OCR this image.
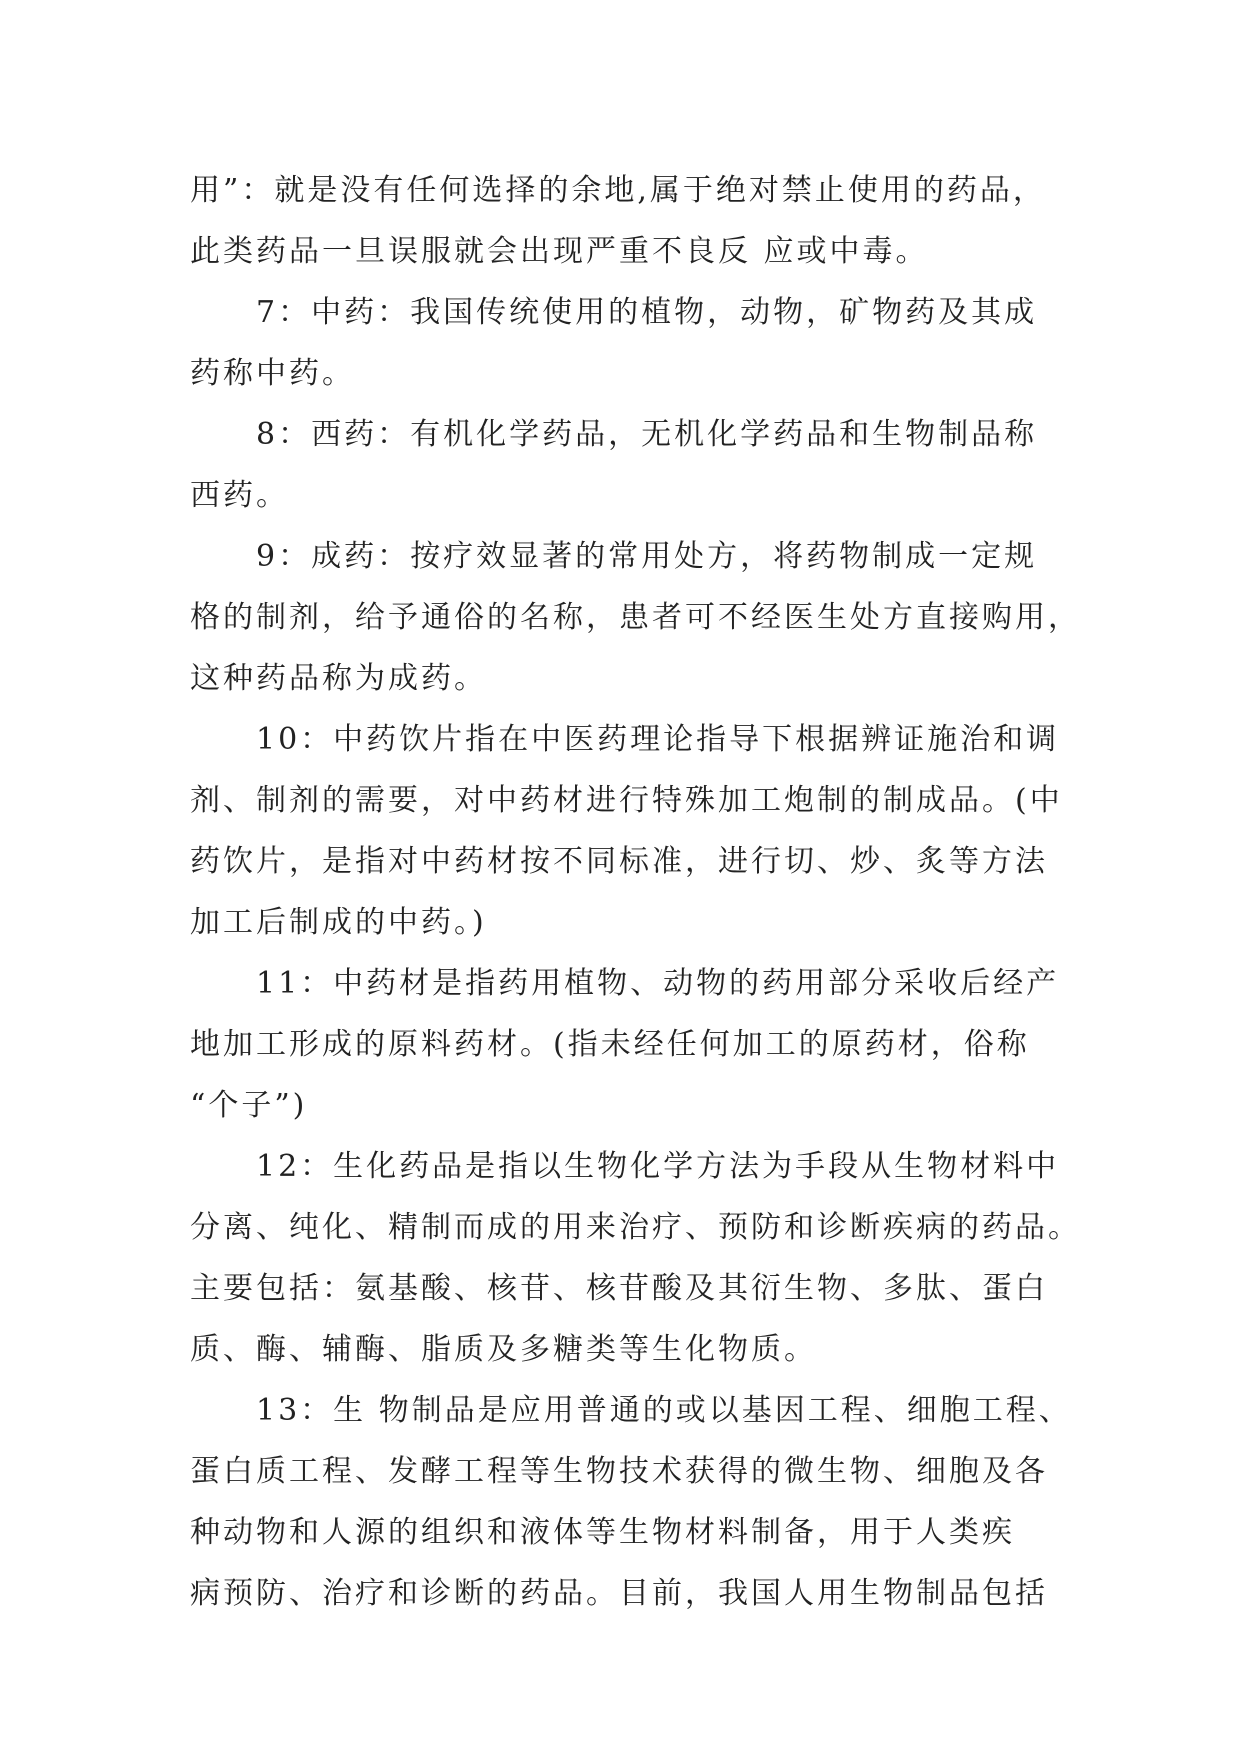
用”：就是没有任何选择的余地,属于绝对禁止使用的药品，
此类药品一旦误服就会出现严重不良反 应或中毒。
7：中药：我国传统使用的植物，动物，矿物药及其成
药称中药。
8：西药：有机化学药品，无机化学药品和生物制品称
西药。
9：成药：按疗效显著的常用处方，将药物制成一定规
格的制剂，给予通俗的名称，患者可不经医生处方直接购用，
这种药品称为成药。
10：中药饮片指在中医药理论指导下根据辨证施治和调
剂、制剂的需要，对中药材进行特殊加工炮制的制成品。(中
药饮片，是指对中药材按不同标准，进行切、炒、炙等方法
加工后制成的中药。)
11：中药材是指药用植物、动物的药用部分采收后经产
地加工形成的原料药材。(指未经任何加工的原药材，俗称
“个子”)
12：生化药品是指以生物化学方法为手段从生物材料中
分离、纯化、精制而成的用来治疗、预防和诊断疾病的药品。
主要包括：氨基酸、核苷、核苷酸及其衍生物、多肽、蛋白
质、酶、辅酶、脂质及多糖类等生化物质。
13：生 物制品是应用普通的或以基因工程、细胞工程、
蛋白质工程、发酵工程等生物技术获得的微生物、细胞及各
种动物和人源的组织和液体等生物材料制备，用于人类疾
病预防、治疗和诊断的药品。目前，我国人用生物制品包括
